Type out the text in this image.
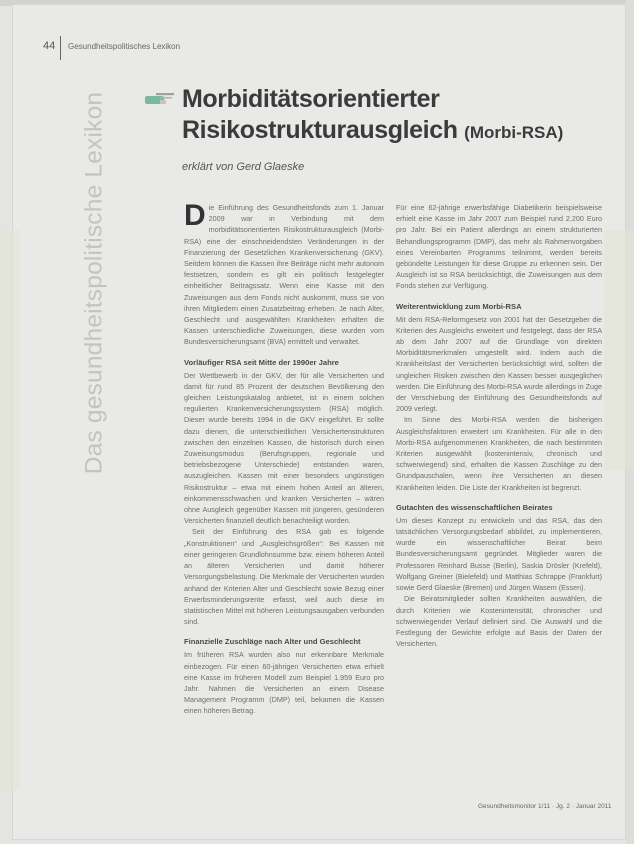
44 Gesundheitspolitisches Lexikon
Das gesundheitspolitische Lexikon	Morbiditätsorientierter
Risikostrukturausgleich (Morbi-RSA)
erklärt von Gerd Glaeske

Die Einführung des Gesundheitsfonds zum 1. Januar 2009 war in Verbindung mit dem morbiditätsorientierten Risikostrukturausgleich (Morbi-RSA) eine der einschneidendsten Veränderungen in der Finanzierung der Gesetzlichen Krankenversicherung (GKV). Seitdem können die Kassen ihre Beiträge nicht mehr autonom festsetzen, sondern es gilt ein politisch festgelegter einheitlicher Beitragssatz. Wenn eine Kasse mit den Zuweisungen aus dem Fonds nicht auskommt, muss sie von ihren Mitgliedern einen Zusatzbeitrag erheben. Je nach Alter, Geschlecht und ausgewählten Krankheiten erhalten die Kassen unterschiedliche Zuweisungen, diese wurden vom Bundesversicherungsamt (BVA) ermittelt und verwaltet.

Vorläufiger RSA seit Mitte der 1990er Jahre

Der Wettbewerb in der GKV, der für alle Versicherten und damit für rund 85 Prozent der deutschen Bevölkerung den gleichen Leistungskatalog anbietet, ist in einem solchen regulierten Krankenversicherungssystem (RSA) möglich. Dieser wurde bereits 1994 in die GKV eingeführt. Er sollte dazu dienen, die unterschiedlichen Versichertenstrukturen zwischen den einzelnen Kassen, die historisch durch einen Zuweisungsmodus (Berufsgruppen, regionale und betriebsbezogene Unterschiede) entstanden waren, auszugleichen. Kassen mit einer besonders ungünstigen Risikostruktur – etwa mit einem hohen Anteil an älteren, einkommensschwachen und kranken Versicherten – wären ohne Ausgleich gegenüber Kassen mit jüngeren, gesünderen Versicherten finanziell deutlich benachteiligt worden.

Seit der Einführung des RSA gab es folgende „Konstruktionen“ und „Ausgleichsgrößen“: Bei Kassen mit einer geringeren Grundlohnsumme bzw. einem höheren Anteil an älteren Versicherten und damit höherer Versorgungsbelastung. Die Merkmale der Versicherten wurden anhand der Kriterien Alter und Geschlecht sowie Bezug einer Erwerbsminderungsrente erfasst, weil auch diese im statistischen Mittel mit höheren Leistungsausgaben verbunden sind.

Finanzielle Zuschläge nach Alter und Geschlecht

Im früheren RSA wurden also nur erkennbare Merkmale einbezogen. Für einen 60-jährigen Versicherten etwa erhielt eine Kasse im früheren Modell zum Beispiel 1.959 Euro pro Jahr. Nahmen die Versicherten an einem Disease Management Programm (DMP) teil, bekamen die Kassen einen höheren Betrag.

Für eine 62-jährige erwerbsfähige Diabetikerin beispielsweise erhielt eine Kasse im Jahr 2007 zum Beispiel rund 2.200 Euro pro Jahr. Bei ein Patient allerdings an einem strukturierten Behandlungsprogramm (DMP), das mehr als Rahmenvorgaben eines Vereinbarten Programms teilnimmt, werden bereits gebündelte Leistungen für diese Gruppe zu erkennen sein. Der Ausgleich ist so RSA berücksichtigt, die Zuweisungen aus dem Fonds stehen zur Verfügung.

Weiterentwicklung zum Morbi-RSA

Mit dem RSA-Reformgesetz von 2001 hat der Gesetzgeber die Kriterien des Ausgleichs erweitert und festgelegt, dass der RSA ab dem Jahr 2007 auf die Grundlage von direkten Morbiditätsmerkmalen umgestellt wird. Indem auch die Krankheitslast der Versicherten berücksichtigt wird, sollten die ungleichen Risiken zwischen den Kassen besser ausgeglichen werden. Die Einführung des Morbi-RSA wurde allerdings in Zuge der Verschiebung der Einführung des Gesundheitsfonds auf 2009 verlegt.

Im Sinne des Morbi-RSA werden die bisherigen Ausgleichsfaktoren erweitert um Krankheiten. Für alle in den Morbi-RSA aufgenommenen Krankheiten, die nach bestimmten Kriterien ausgewählt (kostenintensiv, chronisch und schwerwiegend) sind, erhalten die Kassen Zuschläge zu den Grundpauschalen, wenn ihre Versicherten an diesen Krankheiten leiden. Die Liste der Krankheiten ist begrenzt.

Gutachten des wissenschaftlichen Beirates

Um dieses Konzept zu entwickeln und das RSA, das den tatsächlichen Versorgungsbedarf abbildet, zu implementieren, wurde ein wissenschaftlicher Beirat beim Bundesversicherungsamt gegründet. Mitglieder waren die Professoren Reinhard Busse (Berlin), Saskia Drösler (Krefeld), Wolfgang Greiner (Bielefeld) und Matthias Schrappe (Frankfurt) sowie Gerd Glaeske (Bremen) und Jürgen Wasem (Essen).

Die Beiratsmitglieder sollten Krankheiten auswählen, die durch Kriterien wie Kostenintensität, chronischer und schwerwiegender Verlauf definiert sind. Die Auswahl und die Festlegung der Gewichte erfolgte auf Basis der Daten der Versicherten.

Gesundheitsmonitor 1/11 · Jg. 2 · Januar 2011
